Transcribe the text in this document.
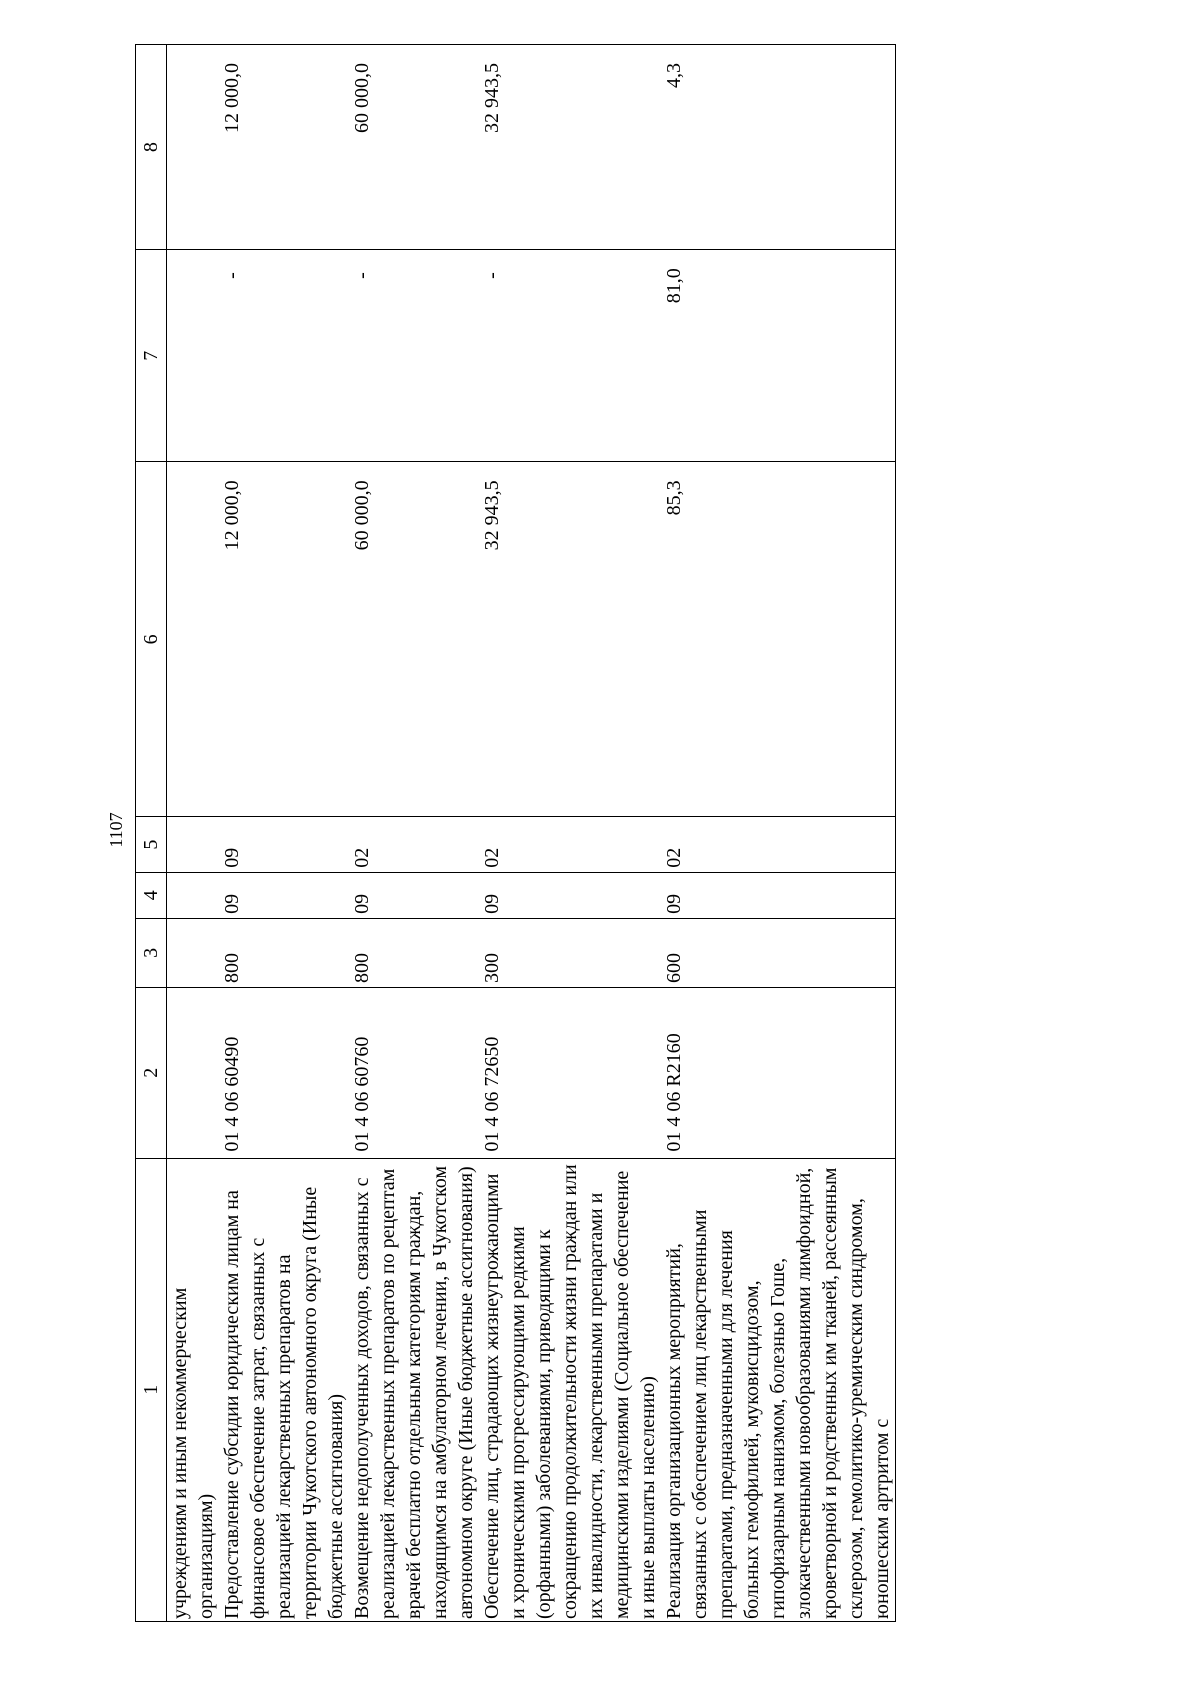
1107
1	2	3	4	5	6	7	8
учреждениям и иным некоммерческим организациям)							
Предоставление субсидии юридическим лицам на финансовое обеспечение затрат, связанных с реализацией лекарственных препаратов на территории Чукотского автономного округа (Иные бюджетные ассигнования)	01 4 06 60490	800	09	09	12 000,0	-	12 000,0
Возмещение недополученных доходов, связанных с реализацией лекарственных препаратов по рецептам врачей бесплатно отдельным категориям граждан, находящимся на амбулаторном лечении, в Чукотском автономном округе (Иные бюджетные ассигнования)	01 4 06 60760	800	09	02	60 000,0	-	60 000,0
Обеспечение лиц, страдающих жизнеугрожающими и хроническими прогрессирующими редкими (орфанными) заболеваниями, приводящими к сокращению продолжительности жизни граждан или их инвалидности, лекарственными препаратами и медицинскими изделиями (Социальное обеспечение и иные выплаты населению)	01 4 06 72650	300	09	02	32 943,5	-	32 943,5
Реализация организационных мероприятий, связанных с обеспечением лиц лекарственными препаратами, предназначенными для лечения больных гемофилией, муковисцидозом, гипофизарным нанизмом, болезнью Гоше, злокачественными новообразованиями лимфоидной, кроветворной и родственных им тканей, рассеянным склерозом, гемолитико-уремическим синдромом, юношеским артритом с	01 4 06 R2160	600	09	02	85,3	81,0	4,3
